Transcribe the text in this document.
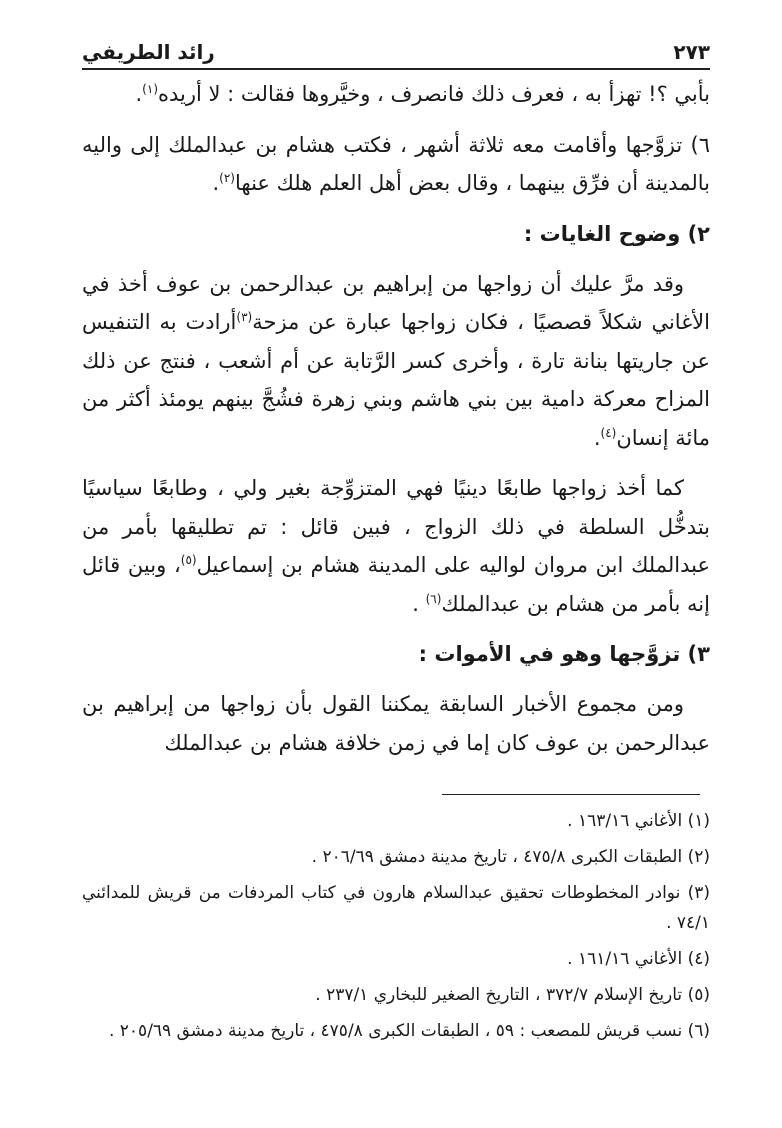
٢٧٣
رائد الطريفي

بأبي ؟! تهزأ به ، فعرف ذلك فانصرف ، وخيَّروها فقالت : لا أريده$^{(١)}$.

٦) تزوَّجها وأقامت معه ثلاثة أشهر ، فكتب هشام بن عبدالملك إلى واليه بالمدينة أن فرِّق بينهما ، وقال بعض أهل العلم هلك عنها$^{(٢)}$.

٢) وضوح الغايات :

وقد مرَّ عليك أن زواجها من إبراهيم بن عبدالرحمن بن عوف أخذ في الأغاني شكلاً قصصيًا ، فكان زواجها عبارة عن مزحة$^{(٣)}$أرادت به التنفيس عن جاريتها بنانة تارة ، وأخرى كسر الرَّتابة عن أم أشعب ، فنتج عن ذلك المزاح معركة دامية بين بني هاشم وبني زهرة فشُجَّ بينهم يومئذ أكثر من مائة إنسان$^{(٤)}$.

كما أخذ زواجها طابعًا دينيًا فهي المتزوِّجة بغير ولي ، وطابعًا سياسيًا بتدخُّل السلطة في ذلك الزواج ، فبين قائل : تم تطليقها بأمر من عبدالملك ابن مروان لواليه على المدينة هشام بن إسماعيل$^{(٥)}$، وبين قائل إنه بأمر من هشام بن عبدالملك$^{(٦)}$ .

٣) تزوَّجها وهو في الأموات :

ومن مجموع الأخبار السابقة يمكننا القول بأن زواجها من إبراهيم بن عبدالرحمن بن عوف كان إما في زمن خلافة هشام بن عبدالملك

(١) الأغاني ١٦٣/١٦ .

(٢) الطبقات الكبرى ٤٧٥/٨ ، تاريخ مدينة دمشق ٢٠٦/٦٩ .

(٣) نوادر المخطوطات تحقيق عبدالسلام هارون في كتاب المردفات من قريش للمدائني ٧٤/١ .

(٤) الأغاني ١٦١/١٦ .

(٥) تاريخ الإسلام ٣٧٢/٧ ، التاريخ الصغير للبخاري ٢٣٧/١ .

(٦) نسب قريش للمصعب : ٥٩ ، الطبقات الكبرى ٤٧٥/٨ ، تاريخ مدينة دمشق ٢٠٥/٦٩ .
